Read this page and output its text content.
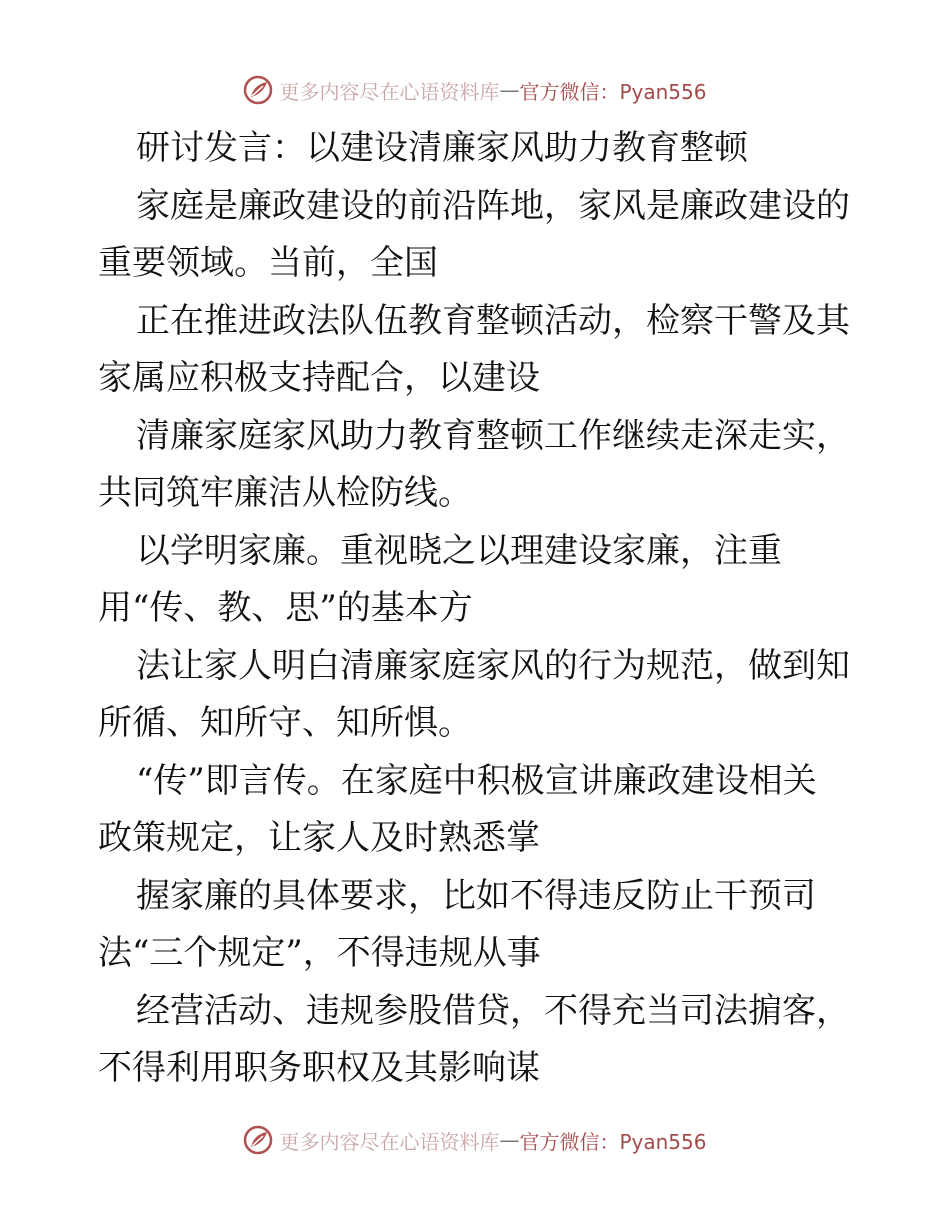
更多内容尽在心语资料库 — 官方微信：Pyan556
研讨发言：以建设清廉家风助力教育整顿
家庭是廉政建设的前沿阵地，家风是廉政建设的
重要领域。当前，全国
正在推进政法队伍教育整顿活动，检察干警及其
家属应积极支持配合，以建设
清廉家庭家风助力教育整顿工作继续走深走实，
共同筑牢廉洁从检防线。
以学明家廉。重视晓之以理建设家廉，注重
用“传、教、思”的基本方
法让家人明白清廉家庭家风的行为规范，做到知
所循、知所守、知所惧。
“传”即言传。在家庭中积极宣讲廉政建设相关
政策规定，让家人及时熟悉掌
握家廉的具体要求，比如不得违反防止干预司
法“三个规定”，不得违规从事
经营活动、违规参股借贷，不得充当司法掮客，
不得利用职务职权及其影响谋
更多内容尽在心语资料库 — 官方微信：Pyan556
